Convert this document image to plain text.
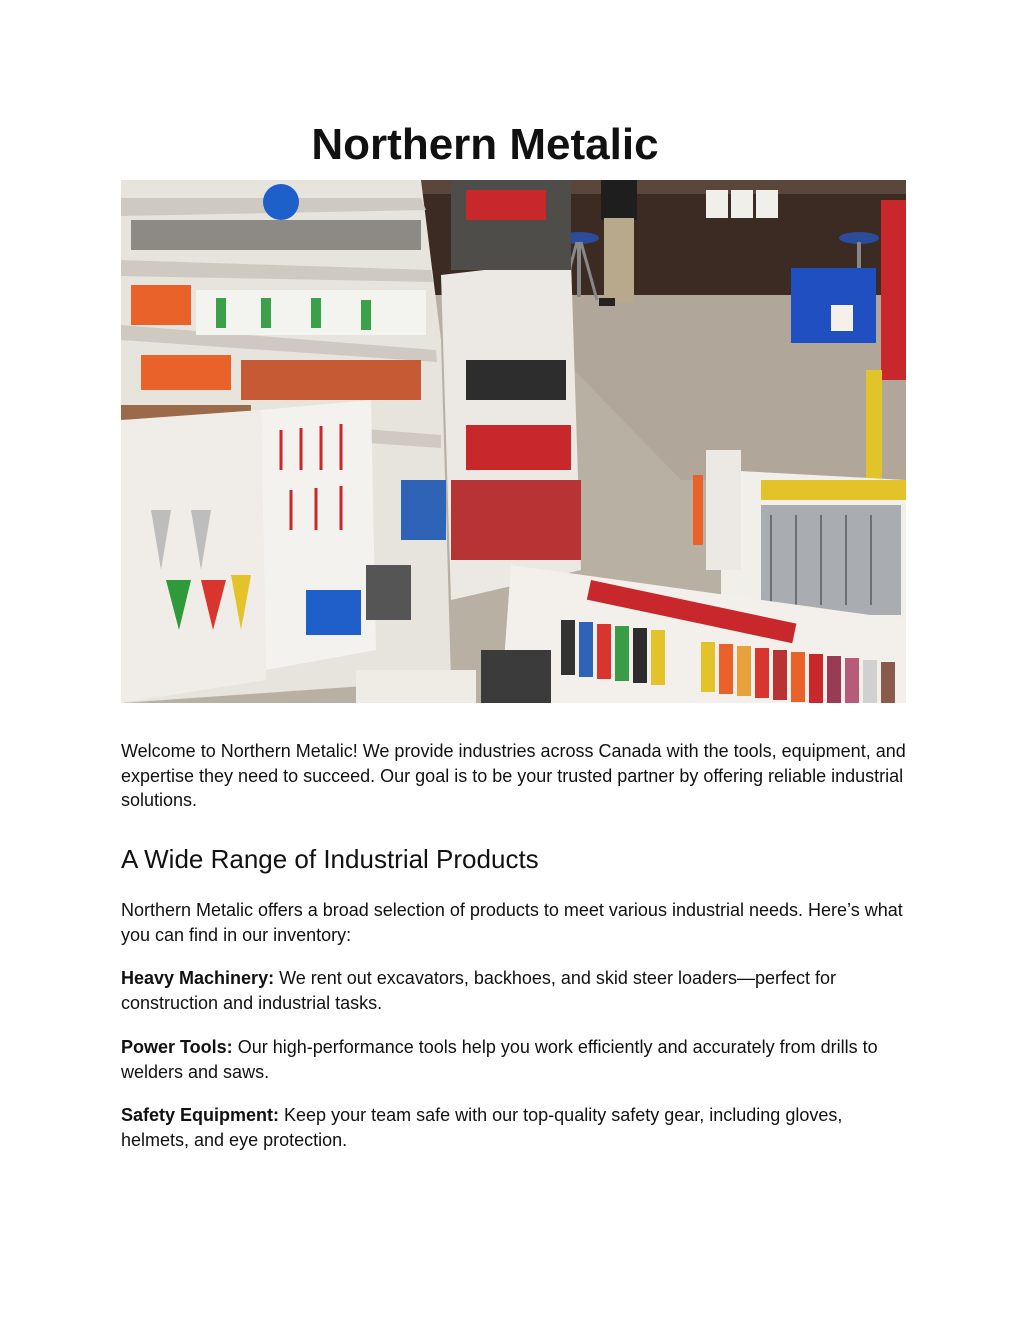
Northern Metalic

Welcome to Northern Metalic! We provide industries across Canada with the tools, equipment, and expertise they need to succeed. Our goal is to be your trusted partner by offering reliable industrial solutions.

A Wide Range of Industrial Products

Northern Metalic offers a broad selection of products to meet various industrial needs. Here’s what you can find in our inventory:

Heavy Machinery: We rent out excavators, backhoes, and skid steer loaders—perfect for construction and industrial tasks.

Power Tools: Our high-performance tools help you work efficiently and accurately from drills to welders and saws.

Safety Equipment: Keep your team safe with our top-quality safety gear, including gloves, helmets, and eye protection.
